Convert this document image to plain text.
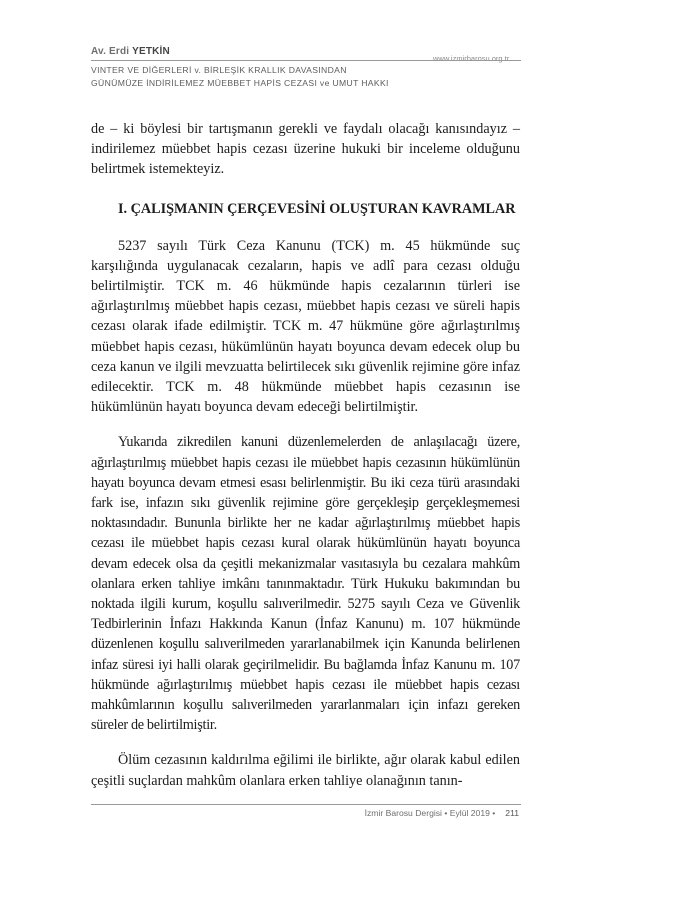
Av. Erdi YETKİN
www.izmirbarosu.org.tr
VINTER VE DİĞERLERİ v. BİRLEŞİK KRALLIK DAVASINDAN
GÜNÜMÜZE İNDİRİLEMEZ MÜEBBET HAPİS CEZASI ve UMUT HAKKI

de – ki böylesi bir tartışmanın gerekli ve faydalı olacağı kanısındayız – indirilemez müebbet hapis cezası üzerine hukuki bir inceleme olduğunu belirtmek istemekteyiz.

I. ÇALIŞMANIN ÇERÇEVESİNİ OLUŞTURAN KAVRAMLAR

5237 sayılı Türk Ceza Kanunu (TCK) m. 45 hükmünde suç karşılığında uygulanacak cezaların, hapis ve adlî para cezası olduğu belirtilmiştir. TCK m. 46 hükmünde hapis cezalarının türleri ise ağırlaştırılmış müebbet hapis cezası, müebbet hapis cezası ve süreli hapis cezası olarak ifade edilmiştir. TCK m. 47 hükmüne göre ağırlaştırılmış müebbet hapis cezası, hükümlünün hayatı boyunca devam edecek olup bu ceza kanun ve ilgili mevzuatta belirtilecek sıkı güvenlik rejimine göre infaz edilecektir. TCK m. 48 hükmünde müebbet hapis cezasının ise hükümlünün hayatı boyunca devam edeceği belirtilmiştir.

Yukarıda zikredilen kanuni düzenlemelerden de anlaşılacağı üzere, ağırlaştırılmış müebbet hapis cezası ile müebbet hapis cezasının hükümlünün hayatı boyunca devam etmesi esası belirlenmiştir. Bu iki ceza türü arasındaki fark ise, infazın sıkı güvenlik rejimine göre gerçekleşip gerçekleşmemesi noktasındadır. Bununla birlikte her ne kadar ağırlaştırılmış müebbet hapis cezası ile müebbet hapis cezası kural olarak hükümlünün hayatı boyunca devam edecek olsa da çeşitli mekanizmalar vasıtasıyla bu cezalara mahkûm olanlara erken tahliye imkânı tanınmaktadır. Türk Hukuku bakımından bu noktada ilgili kurum, koşullu salıverilmedir. 5275 sayılı Ceza ve Güvenlik Tedbirlerinin İnfazı Hakkında Kanun (İnfaz Kanunu) m. 107 hükmünde düzenlenen koşullu salıverilmeden yararlanabilmek için Kanunda belirlenen infaz süresi iyi halli olarak geçirilmelidir. Bu bağlamda İnfaz Kanunu m. 107 hükmünde ağırlaştırılmış müebbet hapis cezası ile müebbet hapis cezası mahkûmlarının koşullu salıverilmeden yararlanmaları için infazı gereken süreler de belirtilmiştir.

Ölüm cezasının kaldırılma eğilimi ile birlikte, ağır olarak kabul edilen çeşitli suçlardan mahkûm olanlara erken tahliye olanağının tanın-

İzmir Barosu Dergisi • Eylül 2019 • 211
